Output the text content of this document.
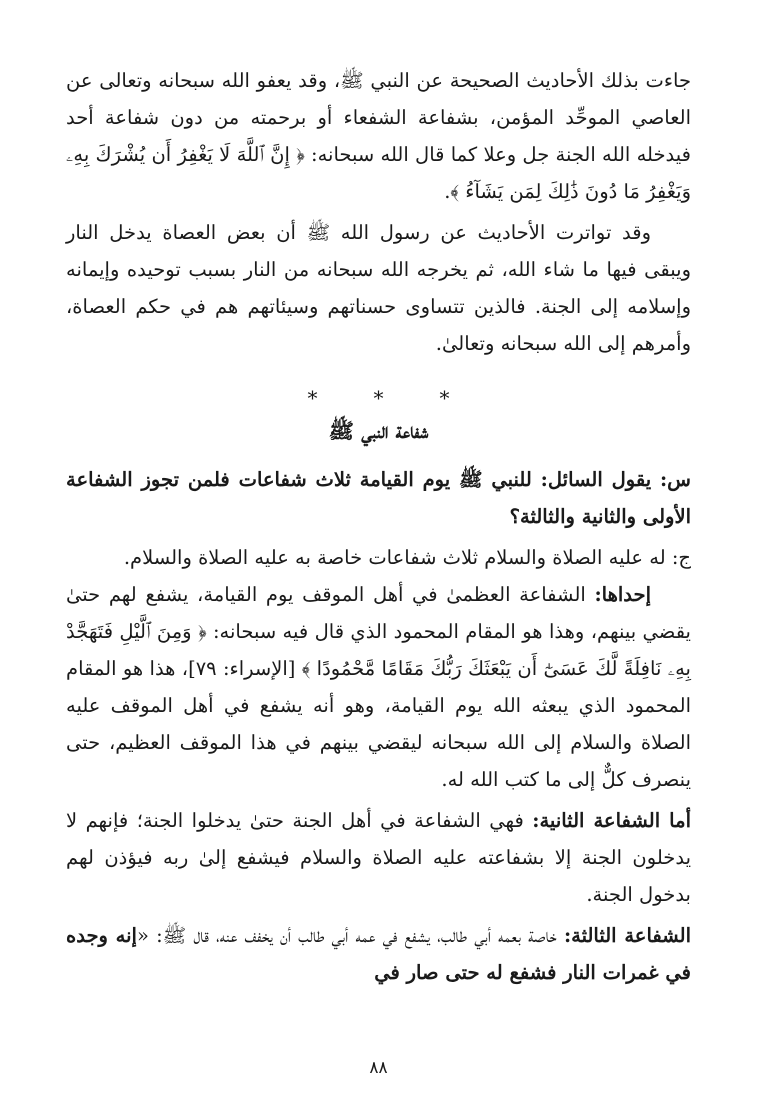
جاءت بذلك الأحاديث الصحيحة عن النبي ﷺ، وقد يعفو الله سبحانه وتعالى عن العاصي الموحِّد المؤمن، بشفاعة الشفعاء أو برحمته من دون شفاعة أحد فيدخله الله الجنة جل وعلا كما قال الله سبحانه: ﴿ إِنَّ ٱللَّهَ لَا يَغْفِرُ أَن يُشْرَكَ بِهِۦ وَيَغْفِرُ مَا دُونَ ذَٰلِكَ لِمَن يَشَآءُ ﴾.

وقد تواترت الأحاديث عن رسول الله ﷺ أن بعض العصاة يدخل النار ويبقى فيها ما شاء الله، ثم يخرجه الله سبحانه من النار بسبب توحيده وإيمانه وإسلامه إلى الجنة. فالذين تتساوى حسناتهم وسيئاتهم هم في حكم العصاة، وأمرهم إلى الله سبحانه وتعالىٰ.

*	*	*
شفاعة النبي ﷺ

س: يقول السائل: للنبي ﷺ يوم القيامة ثلاث شفاعات فلمن تجوز الشفاعة الأولى والثانية والثالثة؟

ج: له عليه الصلاة والسلام ثلاث شفاعات خاصة به عليه الصلاة والسلام.

إحداها: الشفاعة العظمىٰ في أهل الموقف يوم القيامة، يشفع لهم حتىٰ يقضي بينهم، وهذا هو المقام المحمود الذي قال فيه سبحانه: ﴿ وَمِنَ ٱلَّيْلِ فَتَهَجَّدْ بِهِۦ نَافِلَةً لَّكَ عَسَىٰٓ أَن يَبْعَثَكَ رَبُّكَ مَقَامًا مَّحْمُودًا ﴾ [الإسراء: ٧٩]، هذا هو المقام المحمود الذي يبعثه الله يوم القيامة، وهو أنه يشفع في أهل الموقف عليه الصلاة والسلام إلى الله سبحانه ليقضي بينهم في هذا الموقف العظيم، حتى ينصرف كلٌّ إلى ما كتب الله له.

أما الشفاعة الثانية: فهي الشفاعة في أهل الجنة حتىٰ يدخلوا الجنة؛ فإنهم لا يدخلون الجنة إلا بشفاعته عليه الصلاة والسلام فيشفع إلىٰ ربه فيؤذن لهم بدخول الجنة.

الشفاعة الثالثة: خاصة بعمه أبي طالب، يشفع في عمه أبي طالب أن يخفف عنه، قال ﷺ: «إنه وجده في غمرات النار فشفع له حتى صار في

٨٨
